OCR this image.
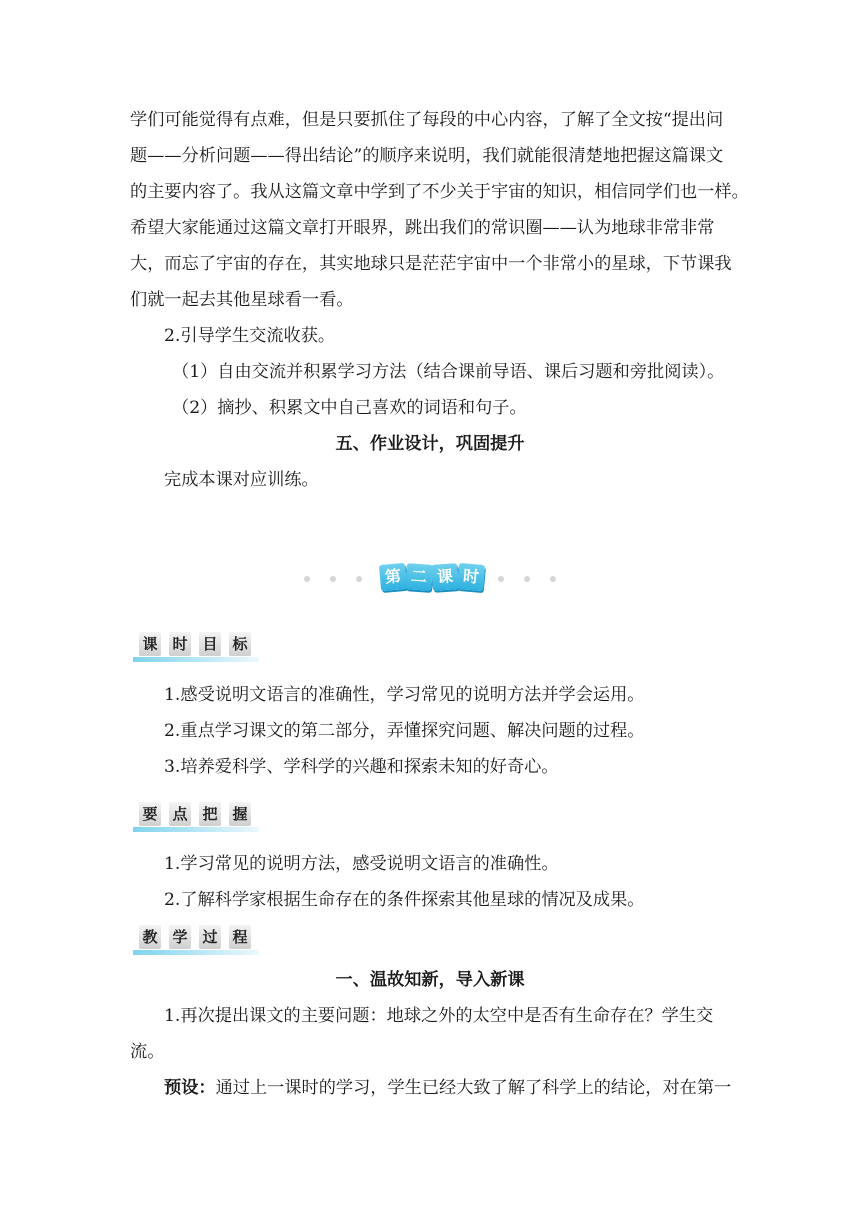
学们可能觉得有点难，但是只要抓住了每段的中心内容，了解了全文按“提出问
题——分析问题——得出结论”的顺序来说明，我们就能很清楚地把握这篇课文
的主要内容了。我从这篇文章中学到了不少关于宇宙的知识，相信同学们也一样。
希望大家能通过这篇文章打开眼界，跳出我们的常识圈——认为地球非常非常
大，而忘了宇宙的存在，其实地球只是茫茫宇宙中一个非常小的星球，下节课我
们就一起去其他星球看一看。
2.引导学生交流收获。
（1）自由交流并积累学习方法（结合课前导语、课后习题和旁批阅读）。
（2）摘抄、积累文中自己喜欢的词语和句子。
五、作业设计，巩固提升
完成本课对应训练。
第 二 课 时
课 时 目 标
1.感受说明文语言的准确性，学习常见的说明方法并学会运用。
2.重点学习课文的第二部分，弄懂探究问题、解决问题的过程。
3.培养爱科学、学科学的兴趣和探索未知的好奇心。
要 点 把 握
1.学习常见的说明方法，感受说明文语言的准确性。
2.了解科学家根据生命存在的条件探索其他星球的情况及成果。
教 学 过 程
一、温故知新，导入新课
1.再次提出课文的主要问题：地球之外的太空中是否有生命存在？学生交
流。
预设：通过上一课时的学习，学生已经大致了解了科学上的结论，对在第一
